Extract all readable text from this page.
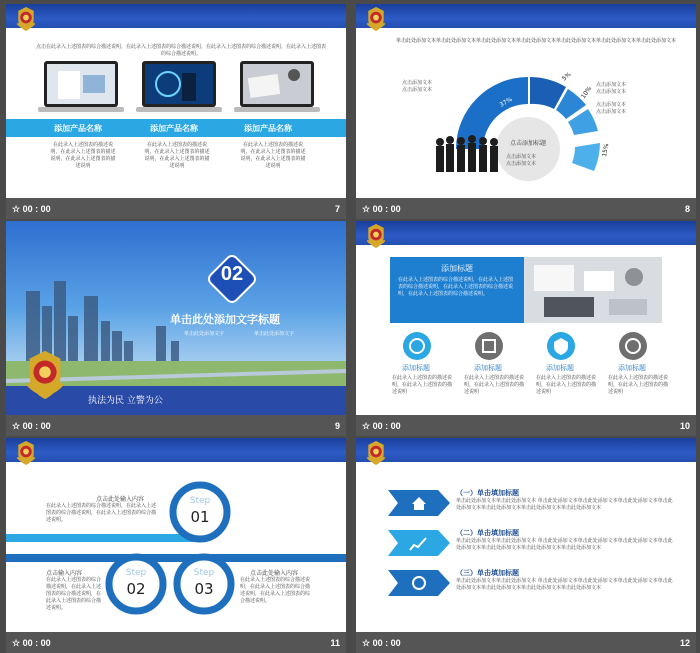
点击在此录入上述图表的综合描述说明，在此录入上述图表的综合描述说明，在此录入上述图表的综合描述说明，在此录入上述图表的综合描述说明。
添加产品名称	添加产品名称	添加产品名称
在此录入上述图表的描述说明，在此录入上述图表的描述说明，在此录入上述图表的描述说明
在此录入上述图表的描述说明，在此录入上述图表的描述说明，在此录入上述图表的描述说明
在此录入上述图表的描述说明，在此录入上述图表的描述说明，在此录入上述图表的描述说明
☆ 00 : 00	7
单击此处添加文本单击此处添加文本单击此处添加文本单击此处添加文本单击此处添加文本单击此处添加文本单击此处添加文本
点击添加标题
37%
5%
10%
15%
点击添加文本
点击添加文本
点击添加文本
点击添加文本
点击添加文本
点击添加文本
点击添加文本
点击添加文本
☆ 00 : 00	8
02
单击此处添加文字标题
单击此处添加文字	单击此处添加文字
执法为民 立警为公
☆ 00 : 00	9
添加标题
在此录入上述图表的综合描述说明，在此录入上述图表的综合描述说明，在此录入上述图表的综合描述说明，在此录入上述图表的综合描述说明。
添加标题	添加标题	添加标题	添加标题
在此录入上述图表的描述说明，在此录入上述图表的描述说明
在此录入上述图表的描述说明，在此录入上述图表的描述说明
在此录入上述图表的描述说明，在此录入上述图表的描述说明
在此录入上述图表的描述说明，在此录入上述图表的描述说明
☆ 00 : 00	10
Step
01
Step
02
Step
03
点击此处输入内容
在此录入上述图表的综合描述说明，在此录入上述图表的综合描述说明，在此录入上述图表的综合描述说明。
点击输入内容
在此录入上述图表的综合描述说明，在此录入上述图表的综合描述说明，在此录入上述图表的综合描述说明。
点击此处输入内容
在此录入上述图表的综合描述说明，在此录入上述图表的综合描述说明，在此录入上述图表的综合描述说明。
☆ 00 : 00	11
（一）单击填加标题
单击此处添加文本单击此处添加文本 单击此处添加文本单击此处添加文本单击此处添加文本单击此处添加文本单击此处添加文本单击此处添加文本单击此处添加文本
（二）单击填加标题
单击此处添加文本单击此处添加文本 单击此处添加文本单击此处添加文本单击此处添加文本单击此处添加文本单击此处添加文本单击此处添加文本单击此处添加文本
（三）单击填加标题
单击此处添加文本单击此处添加文本 单击此处添加文本单击此处添加文本单击此处添加文本单击此处添加文本单击此处添加文本单击此处添加文本单击此处添加文本
☆ 00 : 00	12
